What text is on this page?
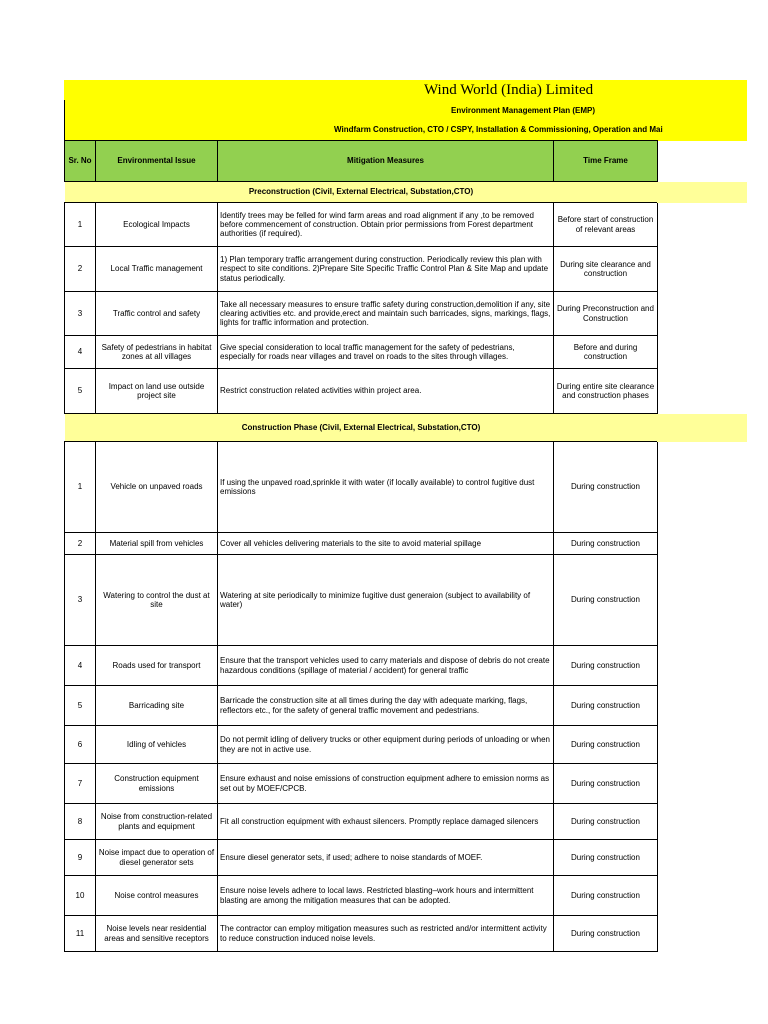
Wind World (India) Limited
Environment Management Plan (EMP)
Windfarm Construction, CTO / CSPY, Installation & Commissioning, Operation and Mai
Sr. No	Environmental Issue	Mitigation Measures	Time Frame
Preconstruction (Civil, External Electrical, Substation,CTO)			
1	Ecological Impacts	Identify trees may be felled for wind farm areas and road alignment if any ,to be removed before commencement of construction. Obtain prior permissions from Forest department authorities (if required).	Before start of construction of relevant areas
2	Local Traffic management	1) Plan temporary traffic arrangement during construction. Periodically review this plan with respect to site conditions. 2)Prepare Site Specific Traffic Control Plan & Site Map and update status periodically.	During site clearance and construction
3	Traffic control and safety	Take all necessary measures to ensure traffic safety during construction,demolition if any, site clearing activities etc. and provide,erect and maintain such barricades, signs, markings, flags, lights for traffic information and protection.	During Preconstruction and Construction
4	Safety of pedestrians in habitat zones at all villages	Give special consideration to local traffic management for the safety of pedestrians, especially for roads near villages and travel on roads to the sites through villages.	Before and during construction
5	Impact on land use outside project site	Restrict construction related activities within project area.	During entire site clearance and construction phases
Construction Phase (Civil, External Electrical, Substation,CTO)			
1	Vehicle on unpaved roads	If using the unpaved road,sprinkle it with water (if locally available) to control fugitive dust emissions	During construction
2	Material spill from vehicles	Cover all vehicles delivering materials to the site to avoid material spillage	During construction
3	Watering to control the dust at site	Watering at site periodically to minimize fugitive dust generaion (subject to availability of water)	During construction
4	Roads used for transport	Ensure that the transport vehicles used to carry materials and dispose of debris do not create hazardous conditions (spillage of material / accident) for general traffic	During construction
5	Barricading site	Barricade the construction site at all times during the day with adequate marking, flags, reflectors etc., for the safety of general traffic movement and pedestrians.	During construction
6	Idling of vehicles	Do not permit idling of delivery trucks or other equipment during periods of unloading or when they are not in active use.	During construction
7	Construction equipment emissions	Ensure exhaust and noise emissions of construction equipment adhere to emission norms as set out by MOEF/CPCB.	During construction
8	Noise from construction-related plants and equipment	Fit all construction equipment with exhaust silencers. Promptly replace damaged silencers	During construction
9	Noise impact due to operation of diesel generator sets	Ensure diesel generator sets, if used; adhere to noise standards of MOEF.	During construction
10	Noise control measures	Ensure noise levels adhere to local laws. Restricted blasting–work hours and intermittent blasting are among the mitigation measures that can be adopted.	During construction
11	Noise levels near residential areas and sensitive receptors	The contractor can employ mitigation measures such as restricted and/or intermittent activity to reduce construction induced noise levels.	During construction
